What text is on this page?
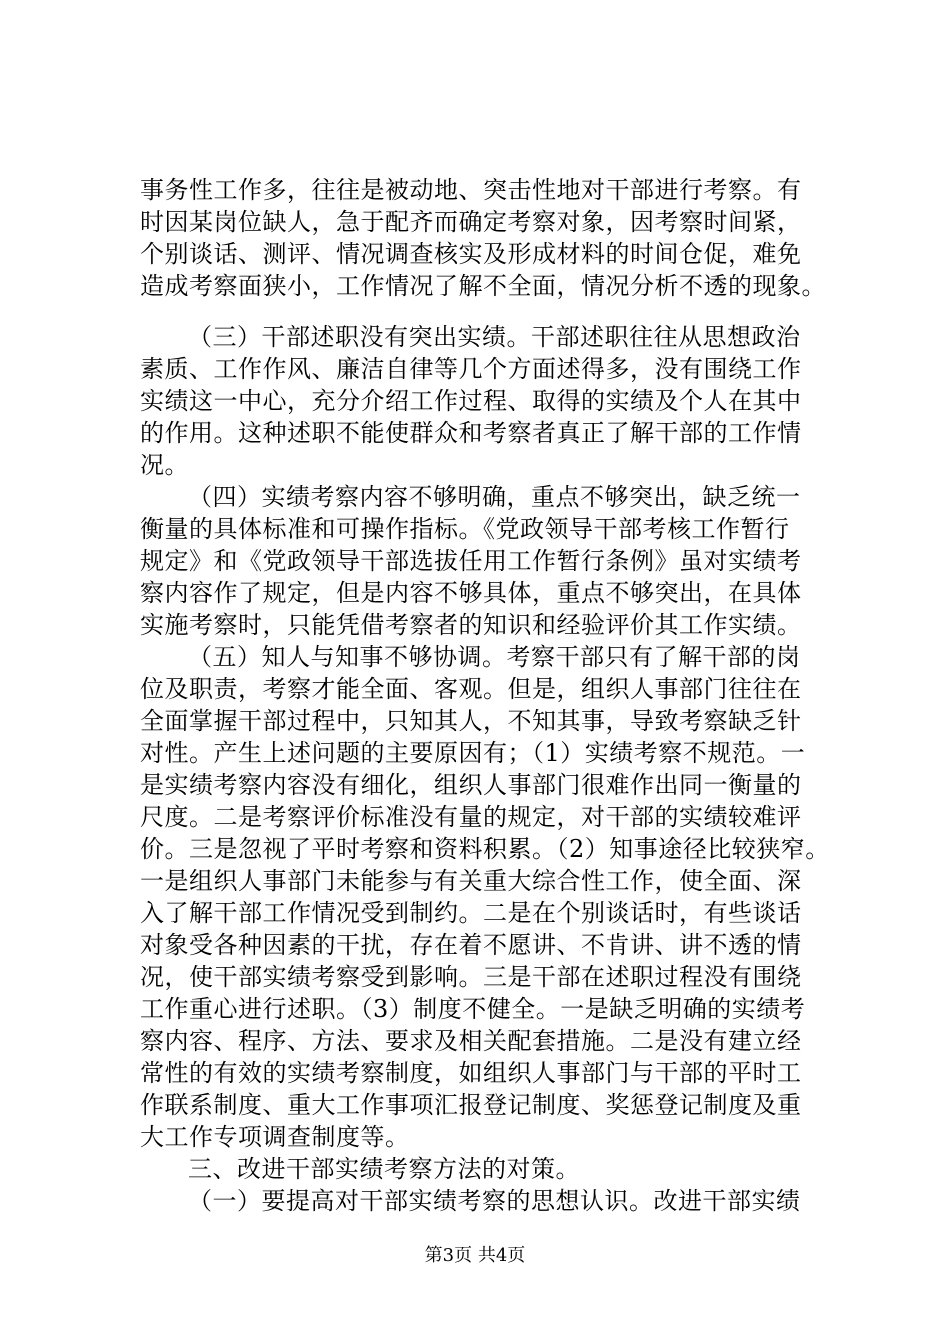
事务性工作多，往往是被动地、突击性地对干部进行考察。有
时因某岗位缺人，急于配齐而确定考察对象，因考察时间紧，
个别谈话、测评、情况调查核实及形成材料的时间仓促，难免
造成考察面狭小，工作情况了解不全面，情况分析不透的现象。
（三）干部述职没有突出实绩。干部述职往往从思想政治
素质、工作作风、廉洁自律等几个方面述得多，没有围绕工作
实绩这一中心，充分介绍工作过程、取得的实绩及个人在其中
的作用。这种述职不能使群众和考察者真正了解干部的工作情
况。
（四）实绩考察内容不够明确，重点不够突出，缺乏统一
衡量的具体标准和可操作指标。《党政领导干部考核工作暂行
规定》和《党政领导干部选拔任用工作暂行条例》虽对实绩考
察内容作了规定，但是内容不够具体，重点不够突出，在具体
实施考察时，只能凭借考察者的知识和经验评价其工作实绩。
（五）知人与知事不够协调。考察干部只有了解干部的岗
位及职责，考察才能全面、客观。但是，组织人事部门往往在
全面掌握干部过程中，只知其人，不知其事，导致考察缺乏针
对性。产生上述问题的主要原因有；（1）实绩考察不规范。一
是实绩考察内容没有细化，组织人事部门很难作出同一衡量的
尺度。二是考察评价标准没有量的规定，对干部的实绩较难评
价。三是忽视了平时考察和资料积累。（2）知事途径比较狭窄。
一是组织人事部门未能参与有关重大综合性工作，使全面、深
入了解干部工作情况受到制约。二是在个别谈话时，有些谈话
对象受各种因素的干扰，存在着不愿讲、不肯讲、讲不透的情
况，使干部实绩考察受到影响。三是干部在述职过程没有围绕
工作重心进行述职。（3）制度不健全。一是缺乏明确的实绩考
察内容、程序、方法、要求及相关配套措施。二是没有建立经
常性的有效的实绩考察制度，如组织人事部门与干部的平时工
作联系制度、重大工作事项汇报登记制度、奖惩登记制度及重
大工作专项调查制度等。
三、改进干部实绩考察方法的对策。
第3页 共4页
（一）要提高对干部实绩考察的思想认识。改进干部实绩
